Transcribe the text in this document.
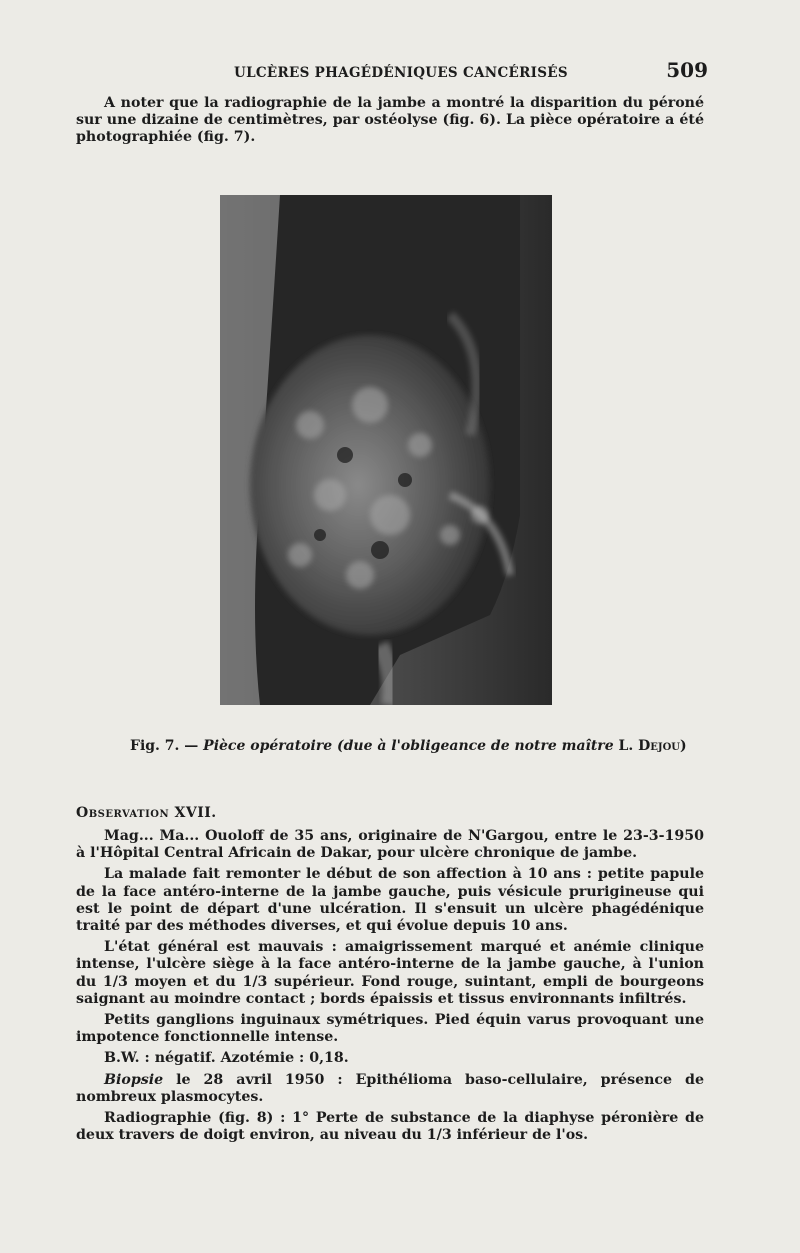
ULCÈRES PHAGÉDÉNIQUES CANCÉRISÉS	509

A noter que la radiographie de la jambe a montré la disparition du péroné sur une dizaine de centimètres, par ostéolyse (fig. 6). La pièce opératoire a été photographiée (fig. 7).

Fig. 7. — Pièce opératoire (due à l'obligeance de notre maître L. Dejou)
Observation XVII.

Mag... Ma... Ouoloff de 35 ans, originaire de N'Gargou, entre le 23-3-1950 à l'Hôpital Central Africain de Dakar, pour ulcère chronique de jambe.

La malade fait remonter le début de son affection à 10 ans : petite papule de la face antéro-interne de la jambe gauche, puis vésicule prurigineuse qui est le point de départ d'une ulcération. Il s'ensuit un ulcère phagédénique traité par des méthodes diverses, et qui évolue depuis 10 ans.

L'état général est mauvais : amaigrissement marqué et anémie clinique intense, l'ulcère siège à la face antéro-interne de la jambe gauche, à l'union du 1/3 moyen et du 1/3 supérieur. Fond rouge, suintant, empli de bourgeons saignant au moindre contact ; bords épaissis et tissus environnants infiltrés.

Petits ganglions inguinaux symétriques. Pied équin varus provoquant une impotence fonctionnelle intense.

B.W. : négatif. Azotémie : 0,18.

Biopsie le 28 avril 1950 : Epithélioma baso-cellulaire, présence de nombreux plasmocytes.

Radiographie (fig. 8) : 1° Perte de substance de la diaphyse péronière de deux travers de doigt environ, au niveau du 1/3 inférieur de l'os.
